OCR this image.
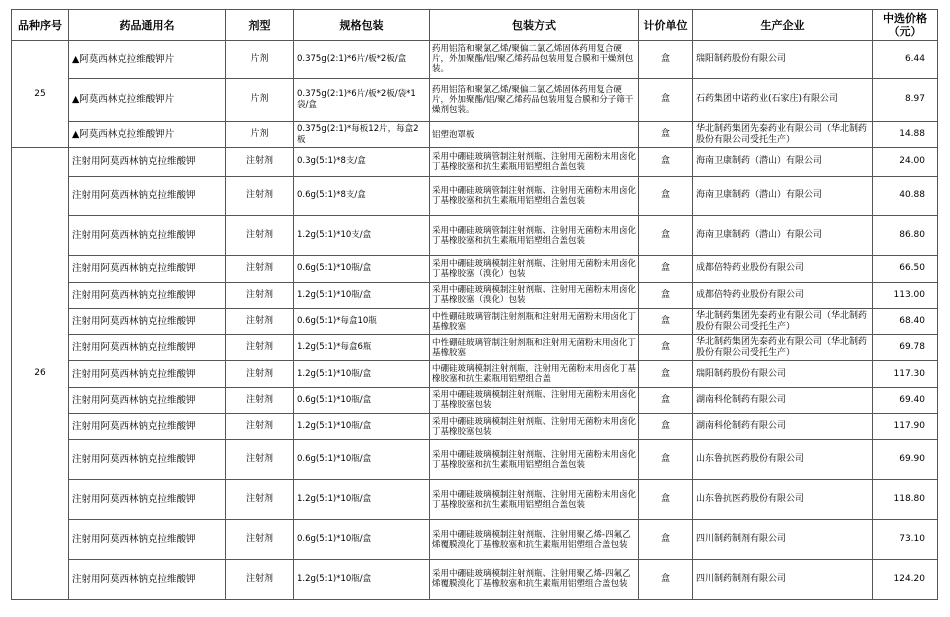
品种序号	药品通用名	剂型	规格包装	包装方式	计价单位	生产企业	中选价格
（元）
25	▲阿莫西林克拉维酸钾片	片剂	0.375g(2:1)*6片/板*2板/盒	药用铝箔和聚氯乙烯/聚偏二氯乙烯固体药用复合硬片，外加聚酯/铝/聚乙烯药品包装用复合膜和干燥剂包装。	盒	瑞阳制药股份有限公司	6.44
	▲阿莫西林克拉维酸钾片	片剂	0.375g(2:1)*6片/板*2板/袋*1袋/盒	药用铝箔和聚氯乙烯/聚偏二氯乙烯固体药用复合硬片，外加聚酯/铝/聚乙烯药品包装用复合膜和分子筛干燥剂包装。	盒	石药集团中诺药业(石家庄)有限公司	8.97
	▲阿莫西林克拉维酸钾片	片剂	0.375g(2:1)*每板12片，每盒2板	铝塑泡罩板	盒	华北制药集团先泰药业有限公司（华北制药股份有限公司受托生产）	14.88
26	注射用阿莫西林钠克拉维酸钾	注射剂	0.3g(5:1)*8支/盒	采用中硼硅玻璃管制注射剂瓶、注射用无菌粉末用卤化丁基橡胶塞和抗生素瓶用铝塑组合盖包装	盒	海南卫康制药（潜山）有限公司	24.00
	注射用阿莫西林钠克拉维酸钾	注射剂	0.6g(5:1)*8支/盒	采用中硼硅玻璃管制注射剂瓶、注射用无菌粉末用卤化丁基橡胶塞和抗生素瓶用铝塑组合盖包装	盒	海南卫康制药（潜山）有限公司	40.88
	注射用阿莫西林钠克拉维酸钾	注射剂	1.2g(5:1)*10支/盒	采用中硼硅玻璃管制注射剂瓶、注射用无菌粉末用卤化丁基橡胶塞和抗生素瓶用铝塑组合盖包装	盒	海南卫康制药（潜山）有限公司	86.80
	注射用阿莫西林钠克拉维酸钾	注射剂	0.6g(5:1)*10瓶/盒	采用中硼硅玻璃模制注射剂瓶、注射用无菌粉末用卤化丁基橡胶塞（溴化）包装	盒	成都倍特药业股份有限公司	66.50
	注射用阿莫西林钠克拉维酸钾	注射剂	1.2g(5:1)*10瓶/盒	采用中硼硅玻璃模制注射剂瓶、注射用无菌粉末用卤化丁基橡胶塞（溴化）包装	盒	成都倍特药业股份有限公司	113.00
	注射用阿莫西林钠克拉维酸钾	注射剂	0.6g(5:1)*每盒10瓶	中性硼硅玻璃管制注射剂瓶和注射用无菌粉末用卤化丁基橡胶塞	盒	华北制药集团先泰药业有限公司（华北制药股份有限公司受托生产）	68.40
	注射用阿莫西林钠克拉维酸钾	注射剂	1.2g(5:1)*每盒6瓶	中性硼硅玻璃管制注射剂瓶和注射用无菌粉末用卤化丁基橡胶塞	盒	华北制药集团先泰药业有限公司（华北制药股份有限公司受托生产）	69.78
	注射用阿莫西林钠克拉维酸钾	注射剂	1.2g(5:1)*10瓶/盒	中硼硅玻璃模制注射剂瓶，注射用无菌粉末用卤化丁基橡胶塞和抗生素瓶用铝塑组合盖	盒	瑞阳制药股份有限公司	117.30
	注射用阿莫西林钠克拉维酸钾	注射剂	0.6g(5:1)*10瓶/盒	采用中硼硅玻璃模制注射剂瓶、注射用无菌粉末用卤化丁基橡胶塞包装	盒	湖南科伦制药有限公司	69.40
	注射用阿莫西林钠克拉维酸钾	注射剂	1.2g(5:1)*10瓶/盒	采用中硼硅玻璃模制注射剂瓶、注射用无菌粉末用卤化丁基橡胶塞包装	盒	湖南科伦制药有限公司	117.90
	注射用阿莫西林钠克拉维酸钾	注射剂	0.6g(5:1)*10瓶/盒	采用中硼硅玻璃模制注射剂瓶、注射用无菌粉末用卤化丁基橡胶塞和抗生素瓶用铝塑组合盖包装	盒	山东鲁抗医药股份有限公司	69.90
	注射用阿莫西林钠克拉维酸钾	注射剂	1.2g(5:1)*10瓶/盒	采用中硼硅玻璃模制注射剂瓶、注射用无菌粉末用卤化丁基橡胶塞和抗生素瓶用铝塑组合盖包装	盒	山东鲁抗医药股份有限公司	118.80
	注射用阿莫西林钠克拉维酸钾	注射剂	0.6g(5:1)*10瓶/盒	采用中硼硅玻璃模制注射剂瓶、注射用聚乙烯-四氟乙烯覆膜溴化丁基橡胶塞和抗生素瓶用铝塑组合盖包装	盒	四川制药制剂有限公司	73.10
	注射用阿莫西林钠克拉维酸钾	注射剂	1.2g(5:1)*10瓶/盒	采用中硼硅玻璃模制注射剂瓶、注射用聚乙烯-四氟乙烯覆膜溴化丁基橡胶塞和抗生素瓶用铝塑组合盖包装	盒	四川制药制剂有限公司	124.20
